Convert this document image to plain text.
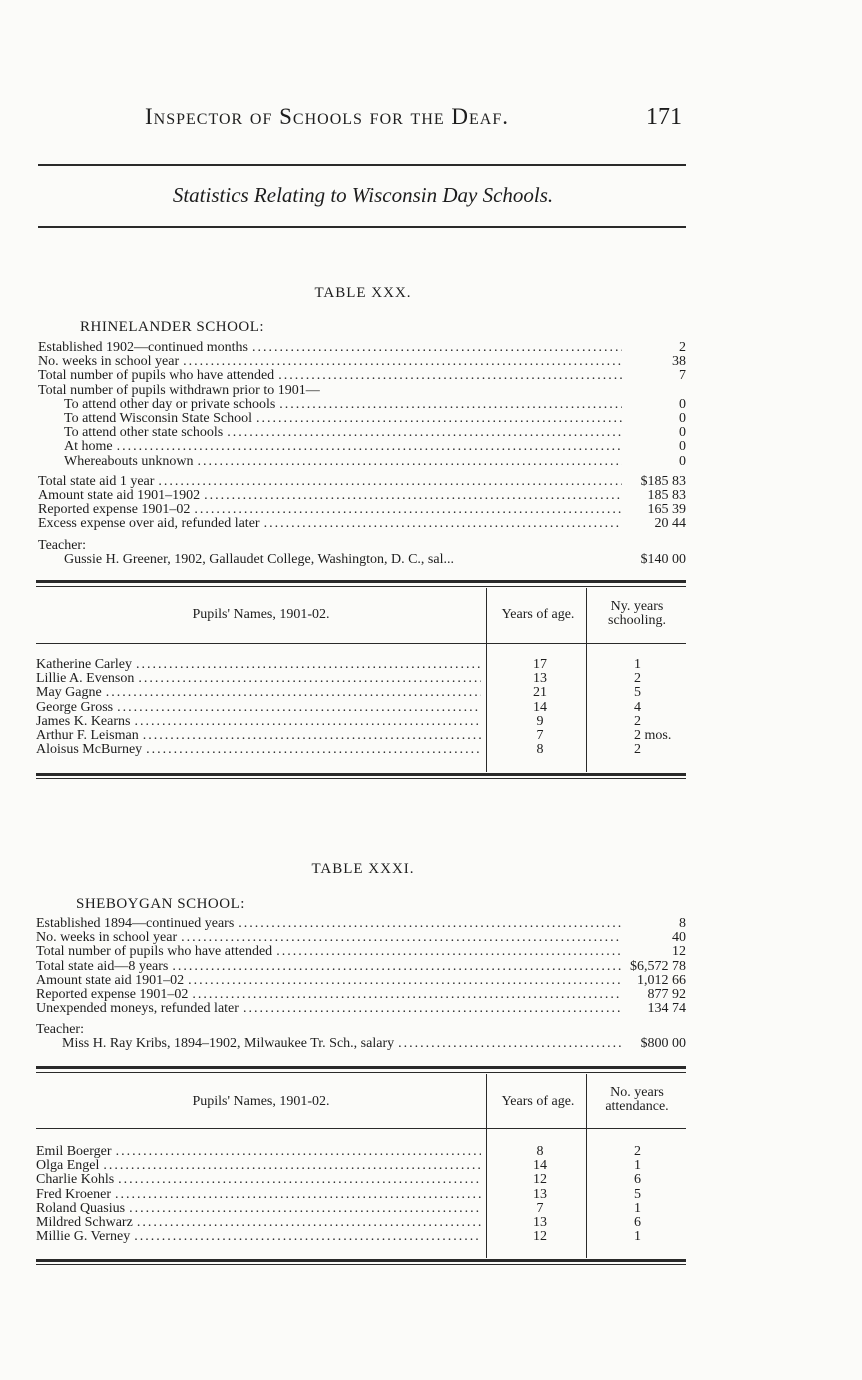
Inspector of Schools for the Deaf.	171
Statistics Relating to Wisconsin Day Schools.
TABLE XXX.
RHINELANDER SCHOOL:
Established 1902—continued months .....	2
No. weeks in school year .....	38
Total number of pupils who have attended .....	7
Total number of pupils withdrawn prior to 1901—
To attend other day or private schools .....	0
To attend Wisconsin State School .....	0
To attend other state schools .....	0
At home .....	0
Whereabouts unknown .....	0
Total state aid 1 year .....	$185 83
Amount state aid 1901–1902 .....	185 83
Reported expense 1901–02 .....	165 39
Excess expense over aid, refunded later .....	20 44
Teacher:
Gussie H. Greener, 1902, Gallaudet College, Washington, D. C., sal...	$140 00
Pupils' Names, 1901-02.	Years of age.
Ny. years
schooling.
Katherine Carley .....	17	1
Lillie A. Evenson .....	13	2
May Gagne .....	21	5
George Gross .....	14	4
James K. Kearns .....	9	2
Arthur F. Leisman .....	7	2 mos.
Aloisus McBurney .....	8	2
TABLE XXXI.
SHEBOYGAN SCHOOL:
Established 1894—continued years .....	8
No. weeks in school year .....	40
Total number of pupils who have attended .....	12
Total state aid—8 years .....	$6,572 78
Amount state aid 1901–02 .....	1,012 66
Reported expense 1901–02 .....	877 92
Unexpended moneys, refunded later .....	134 74
Teacher:
Miss H. Ray Kribs, 1894–1902, Milwaukee Tr. Sch., salary .....	$800 00
Pupils' Names, 1901-02.	Years of age.
No. years
attendance.
Emil Boerger .....	8	2
Olga Engel .....	14	1
Charlie Kohls .....	12	6
Fred Kroener .....	13	5
Roland Quasius .....	7	1
Mildred Schwarz .....	13	6
Millie G. Verney .....	12	1
